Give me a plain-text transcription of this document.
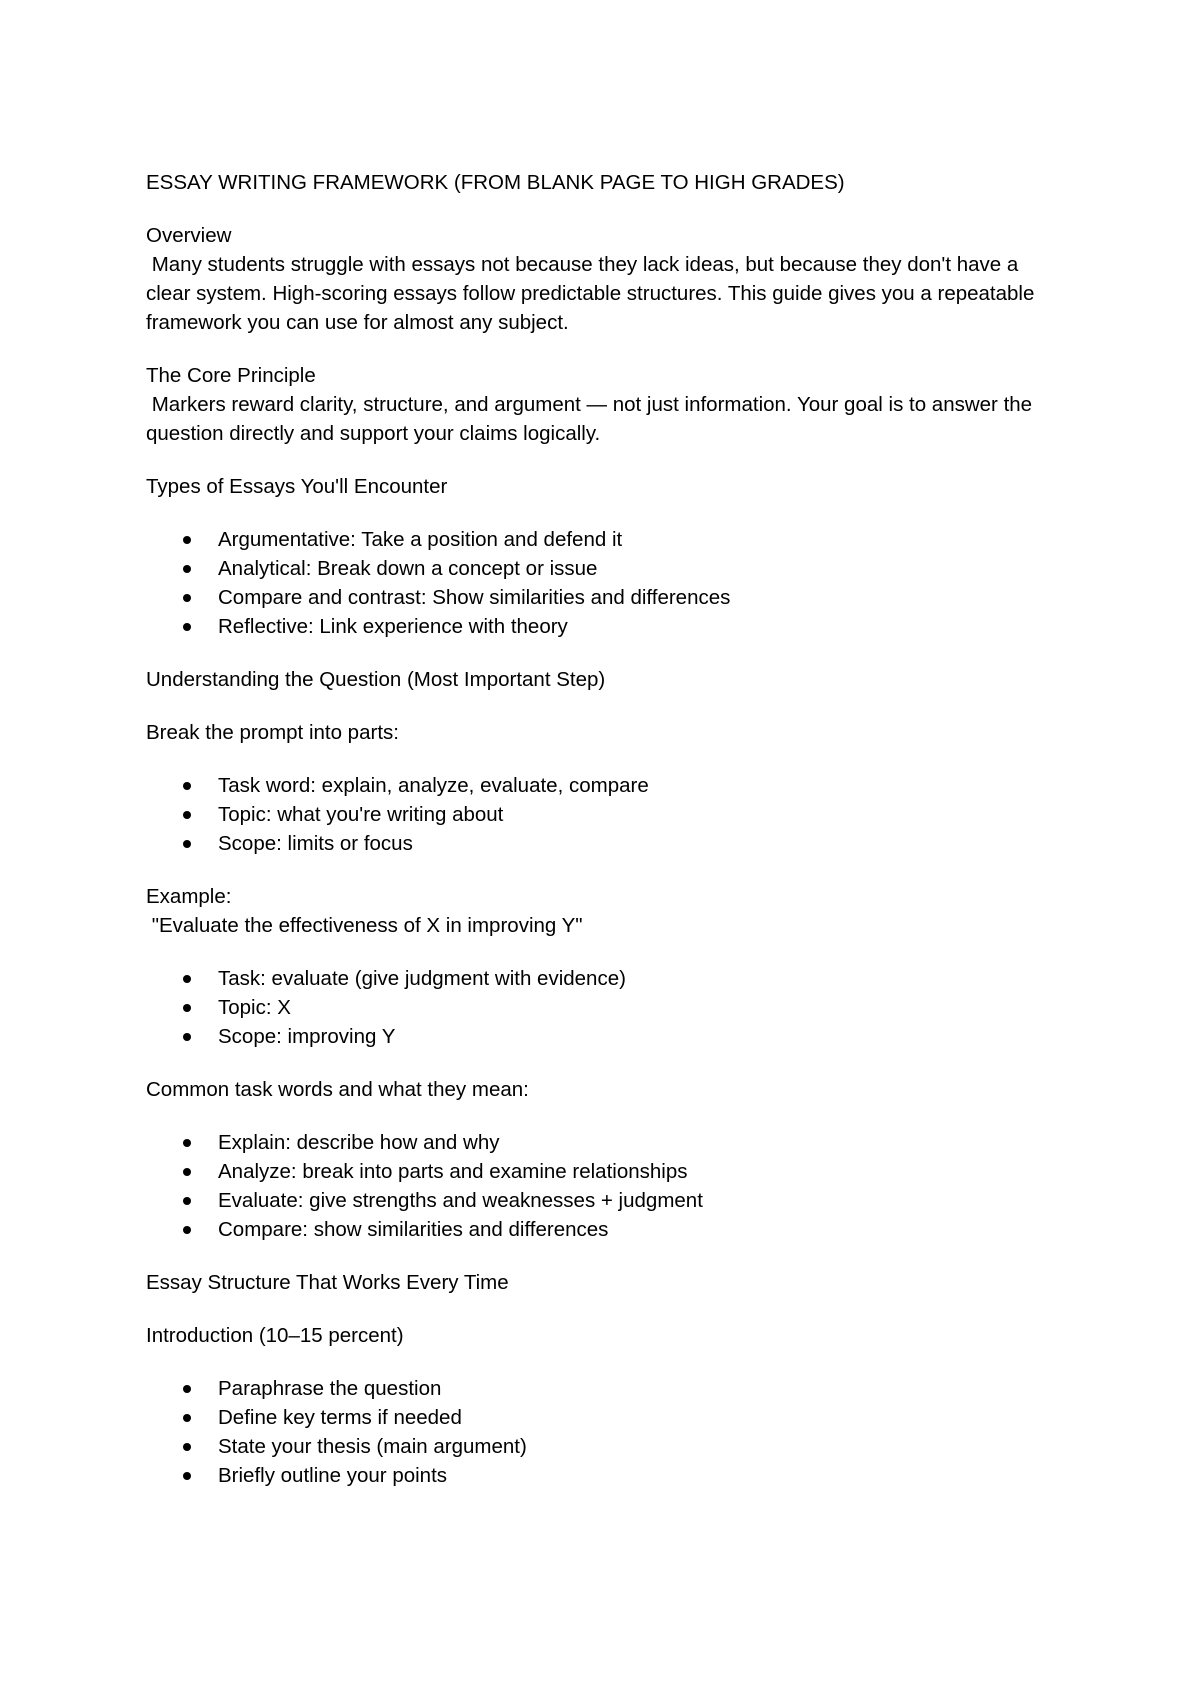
ESSAY WRITING FRAMEWORK (FROM BLANK PAGE TO HIGH GRADES)

Overview

Many students struggle with essays not because they lack ideas, but because they don't have a clear system. High-scoring essays follow predictable structures. This guide gives you a repeatable framework you can use for almost any subject.

The Core Principle

Markers reward clarity, structure, and argument — not just information. Your goal is to answer the question directly and support your claims logically.

Types of Essays You'll Encounter

Argumentative: Take a position and defend it
Analytical: Break down a concept or issue
Compare and contrast: Show similarities and differences
Reflective: Link experience with theory

Understanding the Question (Most Important Step)

Break the prompt into parts:

Task word: explain, analyze, evaluate, compare
Topic: what you're writing about
Scope: limits or focus

Example:

"Evaluate the effectiveness of X in improving Y"

Task: evaluate (give judgment with evidence)
Topic: X
Scope: improving Y

Common task words and what they mean:

Explain: describe how and why
Analyze: break into parts and examine relationships
Evaluate: give strengths and weaknesses + judgment
Compare: show similarities and differences

Essay Structure That Works Every Time

Introduction (10–15 percent)

Paraphrase the question
Define key terms if needed
State your thesis (main argument)
Briefly outline your points
